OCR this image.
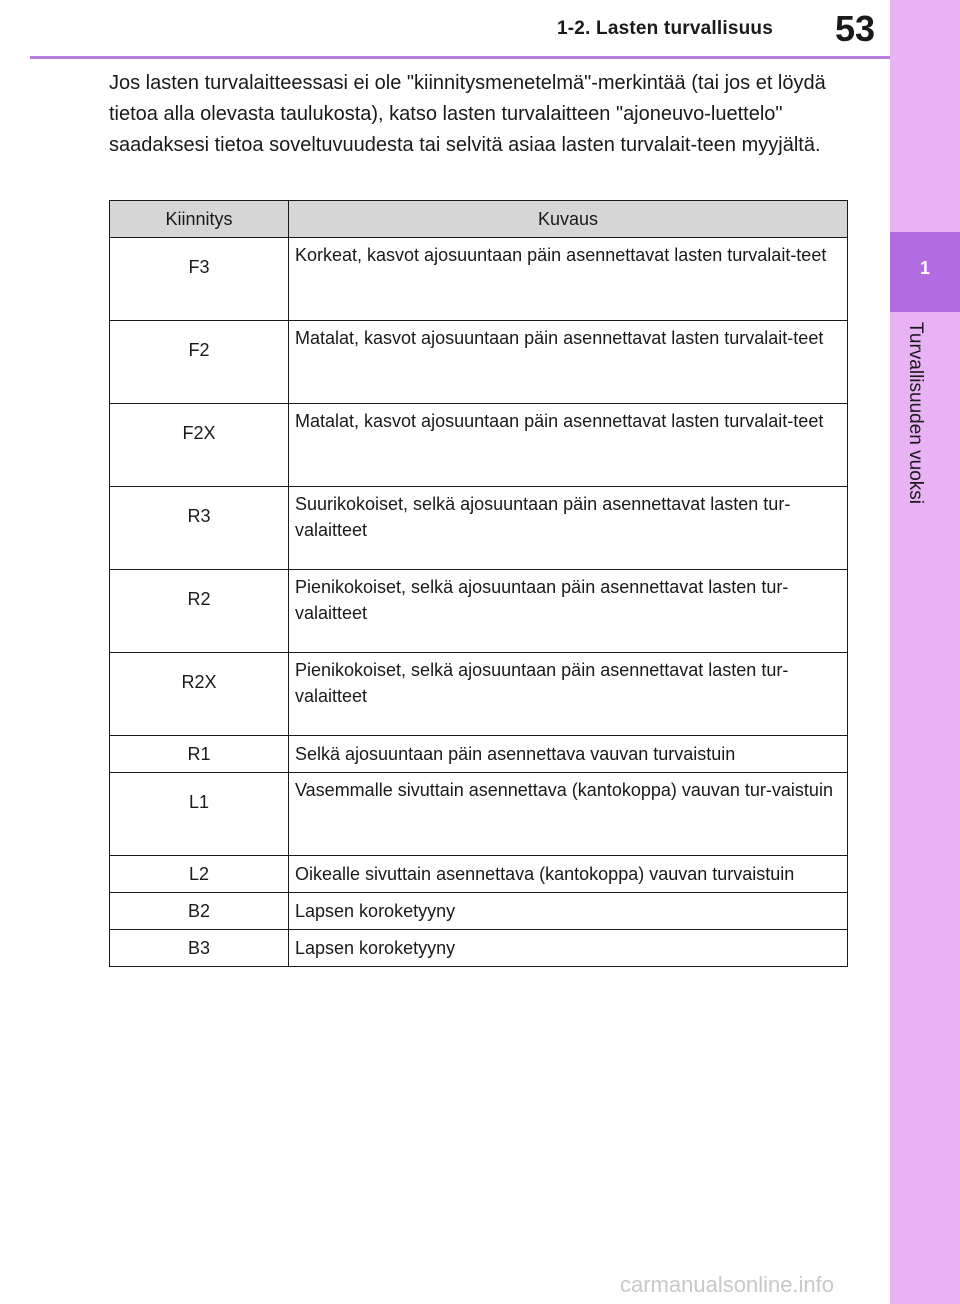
1-2. Lasten turvallisuus	53
1
Turvallisuuden vuoksi

Jos lasten turvalaitteessasi ei ole "kiinnitysmenetelmä"-merkintää (tai jos et löydä tietoa alla olevasta taulukosta), katso lasten turvalaitteen "ajoneuvo-luettelo" saadaksesi tietoa soveltuvuudesta tai selvitä asiaa lasten turvalait-teen myyjältä.

Kiinnitys	Kuvaus
F3	Korkeat, kasvot ajosuuntaan päin asennettavat lasten turvalait-teet
F2	Matalat, kasvot ajosuuntaan päin asennettavat lasten turvalait-teet
F2X	Matalat, kasvot ajosuuntaan päin asennettavat lasten turvalait-teet
R3	Suurikokoiset, selkä ajosuuntaan päin asennettavat lasten tur-valaitteet
R2	Pienikokoiset, selkä ajosuuntaan päin asennettavat lasten tur-valaitteet
R2X	Pienikokoiset, selkä ajosuuntaan päin asennettavat lasten tur-valaitteet
R1	Selkä ajosuuntaan päin asennettava vauvan turvaistuin
L1	Vasemmalle sivuttain asennettava (kantokoppa) vauvan tur-vaistuin
L2	Oikealle sivuttain asennettava (kantokoppa) vauvan turvaistuin
B2	Lapsen koroketyyny
B3	Lapsen koroketyyny
carmanualsonline.info
